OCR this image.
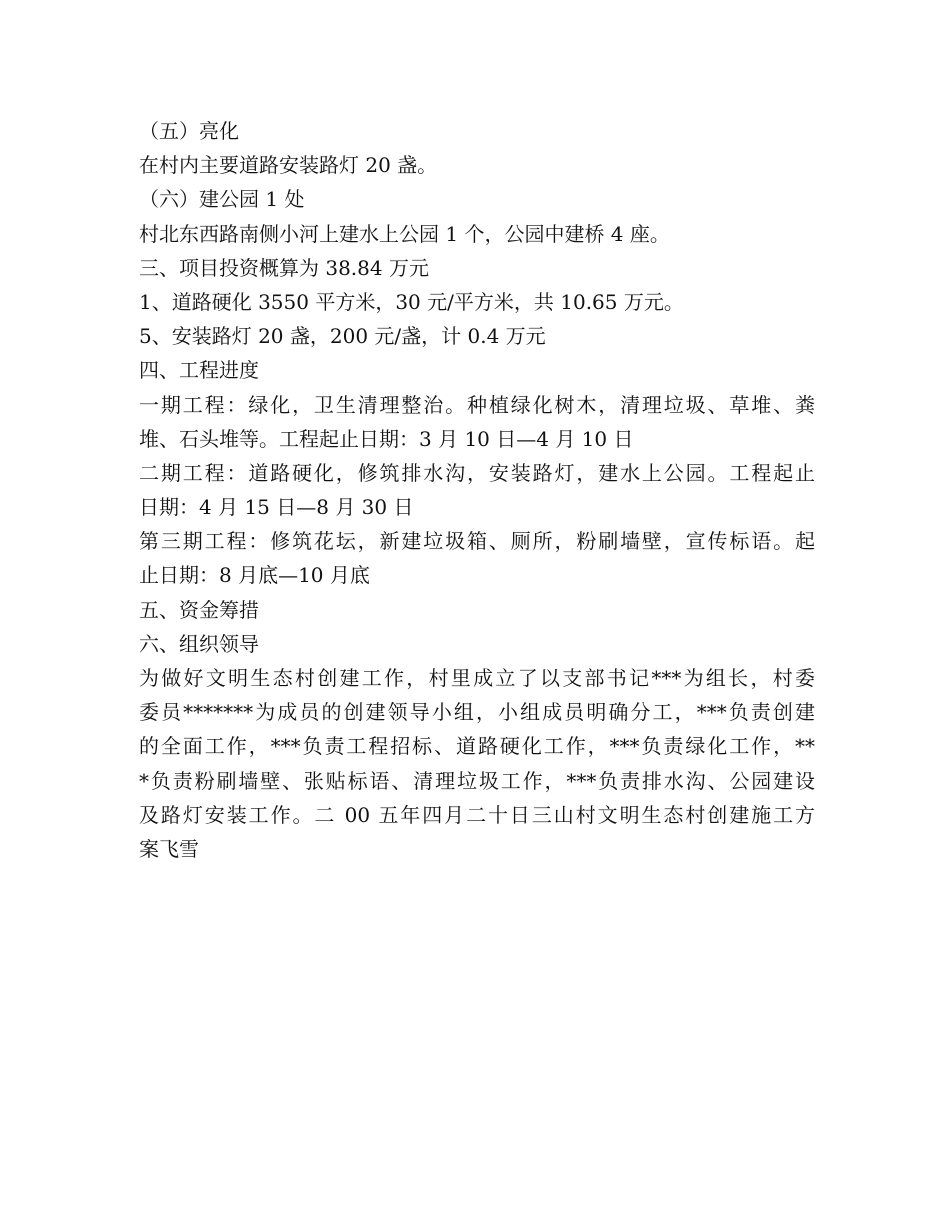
（五）亮化
在村内主要道路安装路灯 20 盏。
（六）建公园 1 处
村北东西路南侧小河上建水上公园 1 个，公园中建桥 4 座。
三、项目投资概算为 38.84 万元
1、道路硬化 3550 平方米，30 元/平方米，共 10.65 万元。
5、安装路灯 20 盏，200 元/盏，计 0.4 万元
四、工程进度
一期工程：绿化，卫生清理整治。种植绿化树木，清理垃圾、草堆、粪
堆、石头堆等。工程起止日期：3 月 10 日—4 月 10 日
二期工程：道路硬化，修筑排水沟，安装路灯，建水上公园。工程起止
日期：4 月 15 日—8 月 30 日
第三期工程：修筑花坛，新建垃圾箱、厕所，粉刷墙壁，宣传标语。起
止日期：8 月底—10 月底
五、资金筹措
六、组织领导
为做好文明生态村创建工作，村里成立了以支部书记***为组长，村委
委员*******为成员的创建领导小组，小组成员明确分工，***负责创建
的全面工作，***负责工程招标、道路硬化工作，***负责绿化工作，**
*负责粉刷墙壁、张贴标语、清理垃圾工作，***负责排水沟、公园建设
及路灯安装工作。二 00 五年四月二十日三山村文明生态村创建施工方
案飞雪
